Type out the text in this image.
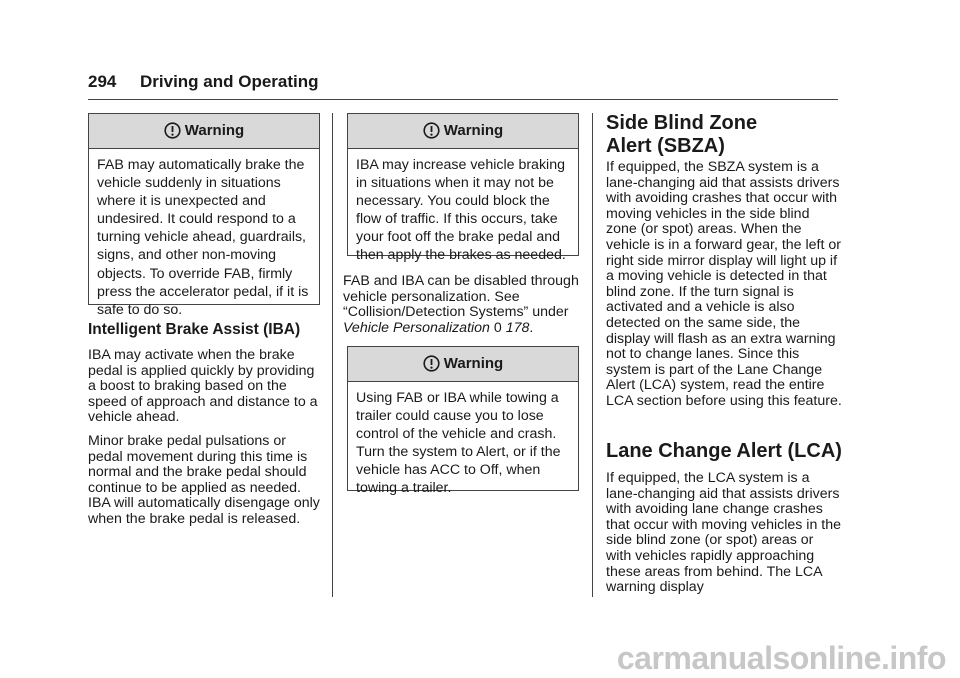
294 Driving and Operating
Warning
FAB may automatically brake the vehicle suddenly in situations where it is unexpected and undesired. It could respond to a turning vehicle ahead, guardrails, signs, and other non-moving objects. To override FAB, firmly press the accelerator pedal, if it is safe to do so.
Intelligent Brake Assist (IBA)
IBA may activate when the brake pedal is applied quickly by providing a boost to braking based on the speed of approach and distance to a vehicle ahead.
Minor brake pedal pulsations or pedal movement during this time is normal and the brake pedal should continue to be applied as needed. IBA will automatically disengage only when the brake pedal is released.
Warning
IBA may increase vehicle braking in situations when it may not be necessary. You could block the flow of traffic. If this occurs, take your foot off the brake pedal and then apply the brakes as needed.
FAB and IBA can be disabled through vehicle personalization. See “Collision/Detection Systems” under Vehicle Personalization 0 178.
Warning
Using FAB or IBA while towing a trailer could cause you to lose control of the vehicle and crash. Turn the system to Alert, or if the vehicle has ACC to Off, when towing a trailer.
Side Blind Zone
Alert (SBZA)
If equipped, the SBZA system is a lane-changing aid that assists drivers with avoiding crashes that occur with moving vehicles in the side blind zone (or spot) areas. When the vehicle is in a forward gear, the left or right side mirror display will light up if a moving vehicle is detected in that blind zone. If the turn signal is activated and a vehicle is also detected on the same side, the display will flash as an extra warning not to change lanes. Since this system is part of the Lane Change Alert (LCA) system, read the entire LCA section before using this feature.
Lane Change Alert (LCA)
If equipped, the LCA system is a lane-changing aid that assists drivers with avoiding lane change crashes that occur with moving vehicles in the side blind zone (or spot) areas or with vehicles rapidly approaching these areas from behind. The LCA warning display
carmanualsonline.info
